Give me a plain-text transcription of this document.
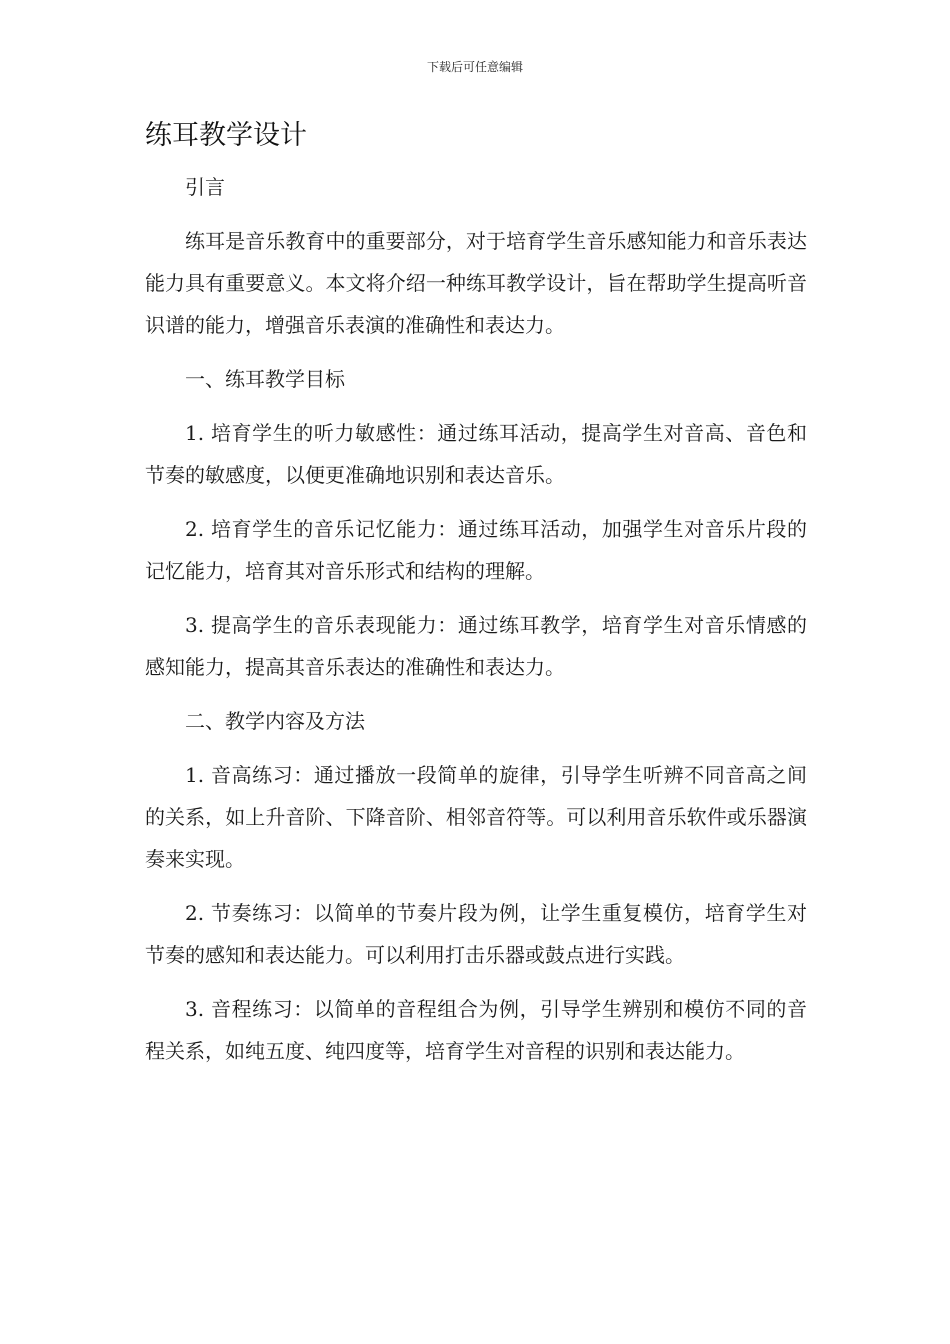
下载后可任意编辑
练耳教学设计

引言

练耳是音乐教育中的重要部分，对于培育学生音乐感知能力和音乐表达能力具有重要意义。本文将介绍一种练耳教学设计，旨在帮助学生提高听音识谱的能力，增强音乐表演的准确性和表达力。

一、练耳教学目标

1. 培育学生的听力敏感性：通过练耳活动，提高学生对音高、音色和节奏的敏感度，以便更准确地识别和表达音乐。

2. 培育学生的音乐记忆能力：通过练耳活动，加强学生对音乐片段的记忆能力，培育其对音乐形式和结构的理解。

3. 提高学生的音乐表现能力：通过练耳教学，培育学生对音乐情感的感知能力，提高其音乐表达的准确性和表达力。

二、教学内容及方法

1. 音高练习：通过播放一段简单的旋律，引导学生听辨不同音高之间的关系，如上升音阶、下降音阶、相邻音符等。可以利用音乐软件或乐器演奏来实现。

2. 节奏练习：以简单的节奏片段为例，让学生重复模仿，培育学生对节奏的感知和表达能力。可以利用打击乐器或鼓点进行实践。

3. 音程练习：以简单的音程组合为例，引导学生辨别和模仿不同的音程关系，如纯五度、纯四度等，培育学生对音程的识别和表达能力。
